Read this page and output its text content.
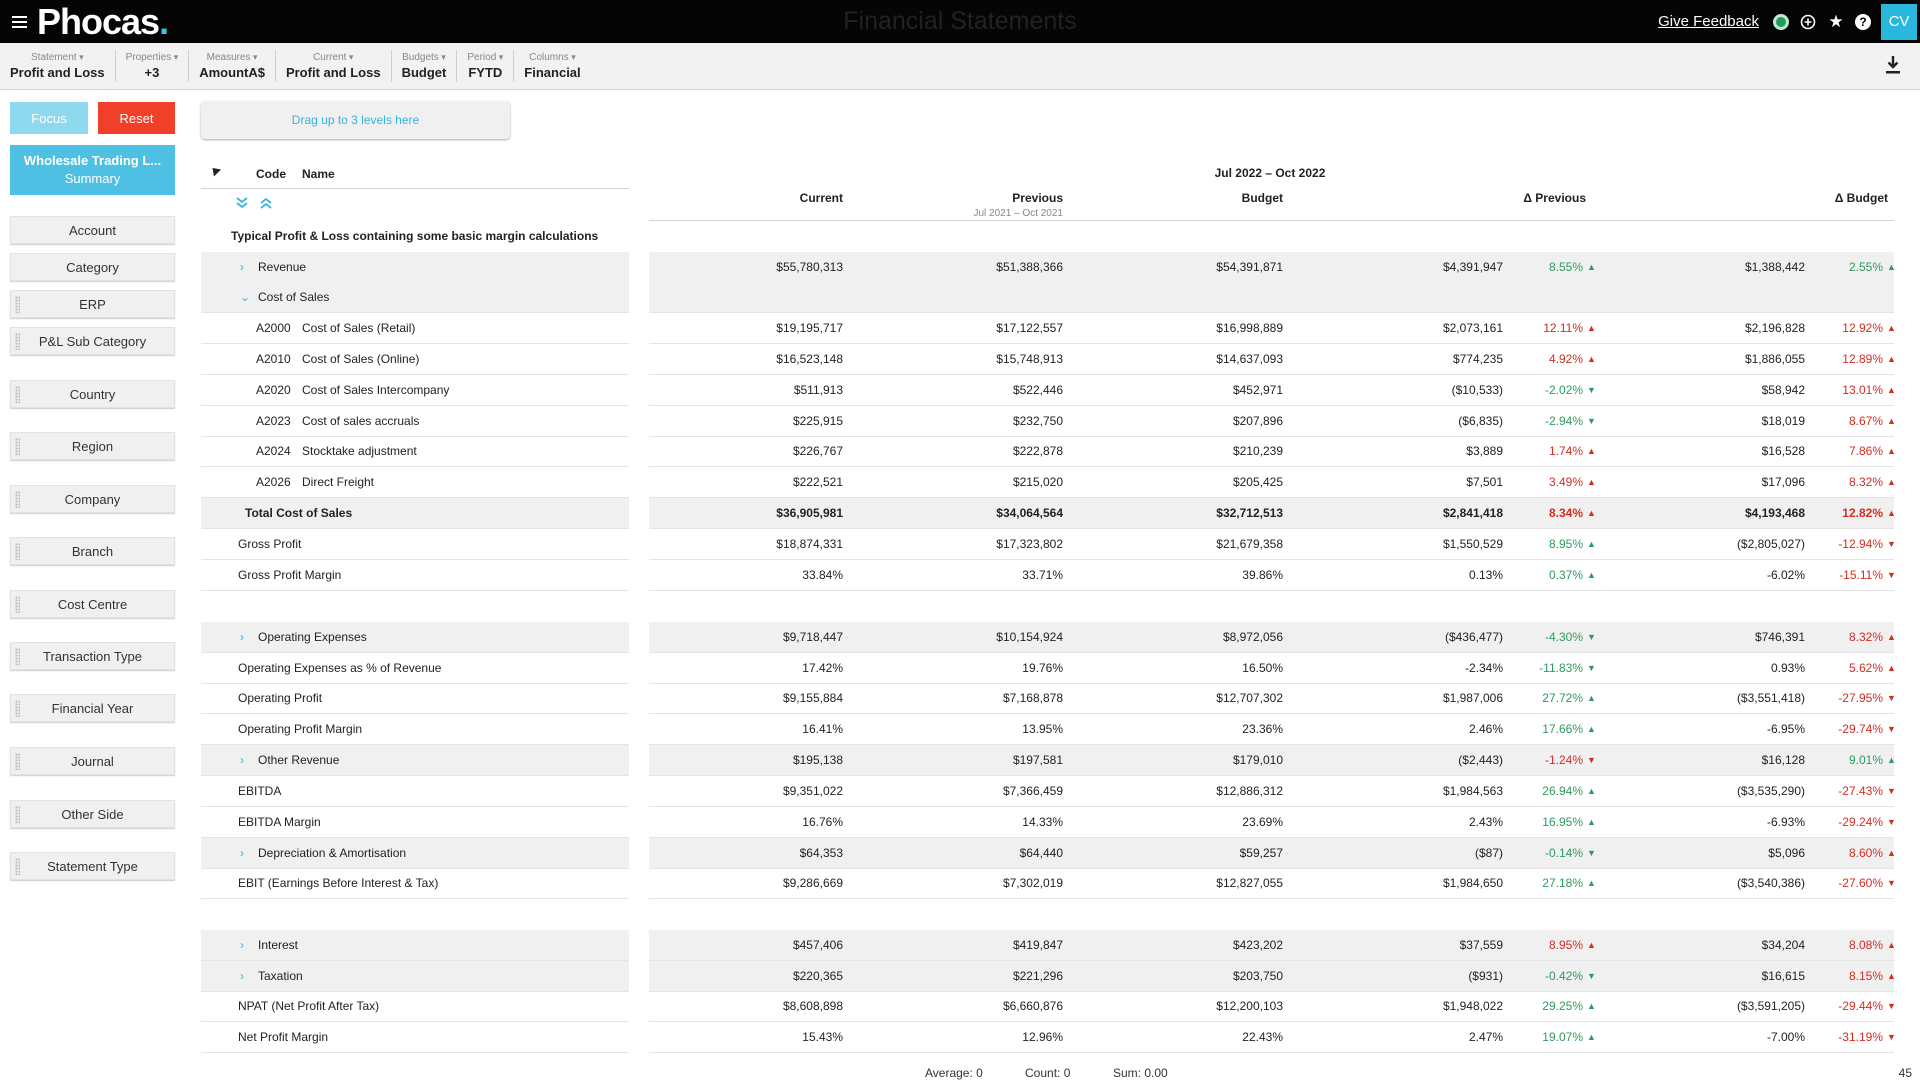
Phocas.	Financial Statements	Give Feedback	★	?	CV
Statement ▾
Profit and Loss
Properties ▾
+3
Measures ▾
AmountA$
Current ▾
Profit and Loss
Budgets ▾
Budget
Period ▾
FYTD
Columns ▾
Financial
Focus	Reset	Drag up to 3 levels here
Wholesale Trading L...
Summary
Account
Category
ERP
P&L Sub Category
Country
Region
Company
Branch
Cost Centre
Transaction Type
Financial Year
Journal
Other Side
Statement Type
Code Name	Jul 2022 – Oct 2022
Current	Previous
Jul 2021 – Oct 2021
Budget	Δ Previous	Δ Budget
Typical Profit & Loss containing some basic margin calculations
›	Revenue	$55,780,313	$51,388,366	$54,391,871	$4,391,947	8.55% ▲	$1,388,442	2.55% ▲
⌄ Cost of Sales
A2000 Cost of Sales (Retail)	$19,195,717	$17,122,557	$16,998,889	$2,073,161	12.11% ▲	$2,196,828	12.92% ▲
A2010 Cost of Sales (Online)	$16,523,148	$15,748,913	$14,637,093	$774,235	4.92% ▲	$1,886,055	12.89% ▲
A2020 Cost of Sales Intercompany	$511,913	$522,446	$452,971	($10,533)	-2.02% ▼	$58,942	13.01% ▲
A2023 Cost of sales accruals	$225,915	$232,750	$207,896	($6,835)	-2.94% ▼	$18,019	8.67% ▲
A2024 Stocktake adjustment	$226,767	$222,878	$210,239	$3,889	1.74% ▲	$16,528	7.86% ▲
A2026 Direct Freight	$222,521	$215,020	$205,425	$7,501	3.49% ▲	$17,096	8.32% ▲
Total Cost of Sales	$36,905,981	$34,064,564	$32,712,513	$2,841,418	8.34% ▲	$4,193,468	12.82% ▲
Gross Profit	$18,874,331	$17,323,802	$21,679,358	$1,550,529	8.95% ▲	($2,805,027)	-12.94% ▼
Gross Profit Margin	33.84%	33.71%	39.86%	0.13%	0.37% ▲	-6.02%	-15.11% ▼
›	Operating Expenses	$9,718,447	$10,154,924	$8,972,056	($436,477)	-4.30% ▼	$746,391	8.32% ▲
Operating Expenses as % of Revenue	17.42%	19.76%	16.50%	-2.34%	-11.83% ▼	0.93%	5.62% ▲
Operating Profit	$9,155,884	$7,168,878	$12,707,302	$1,987,006	27.72% ▲	($3,551,418)	-27.95% ▼
Operating Profit Margin	16.41%	13.95%	23.36%	2.46%	17.66% ▲	-6.95%	-29.74% ▼
›	Other Revenue	$195,138	$197,581	$179,010	($2,443)	-1.24% ▼	$16,128	9.01% ▲
EBITDA	$9,351,022	$7,366,459	$12,886,312	$1,984,563	26.94% ▲	($3,535,290)	-27.43% ▼
EBITDA Margin	16.76%	14.33%	23.69%	2.43%	16.95% ▲	-6.93%	-29.24% ▼
›	Depreciation & Amortisation	$64,353	$64,440	$59,257	($87)	-0.14% ▼	$5,096	8.60% ▲
EBIT (Earnings Before Interest & Tax)	$9,286,669	$7,302,019	$12,827,055	$1,984,650	27.18% ▲	($3,540,386)	-27.60% ▼
›	Interest	$457,406	$419,847	$423,202	$37,559	8.95% ▲	$34,204	8.08% ▲
›	Taxation	$220,365	$221,296	$203,750	($931)	-0.42% ▼	$16,615	8.15% ▲
NPAT (Net Profit After Tax)	$8,608,898	$6,660,876	$12,200,103	$1,948,022	29.25% ▲	($3,591,205)	-29.44% ▼
Net Profit Margin	15.43%	12.96%	22.43%	2.47%	19.07% ▲	-7.00%	-31.19% ▼
Average: 0	Count: 0	Sum: 0.00	45
